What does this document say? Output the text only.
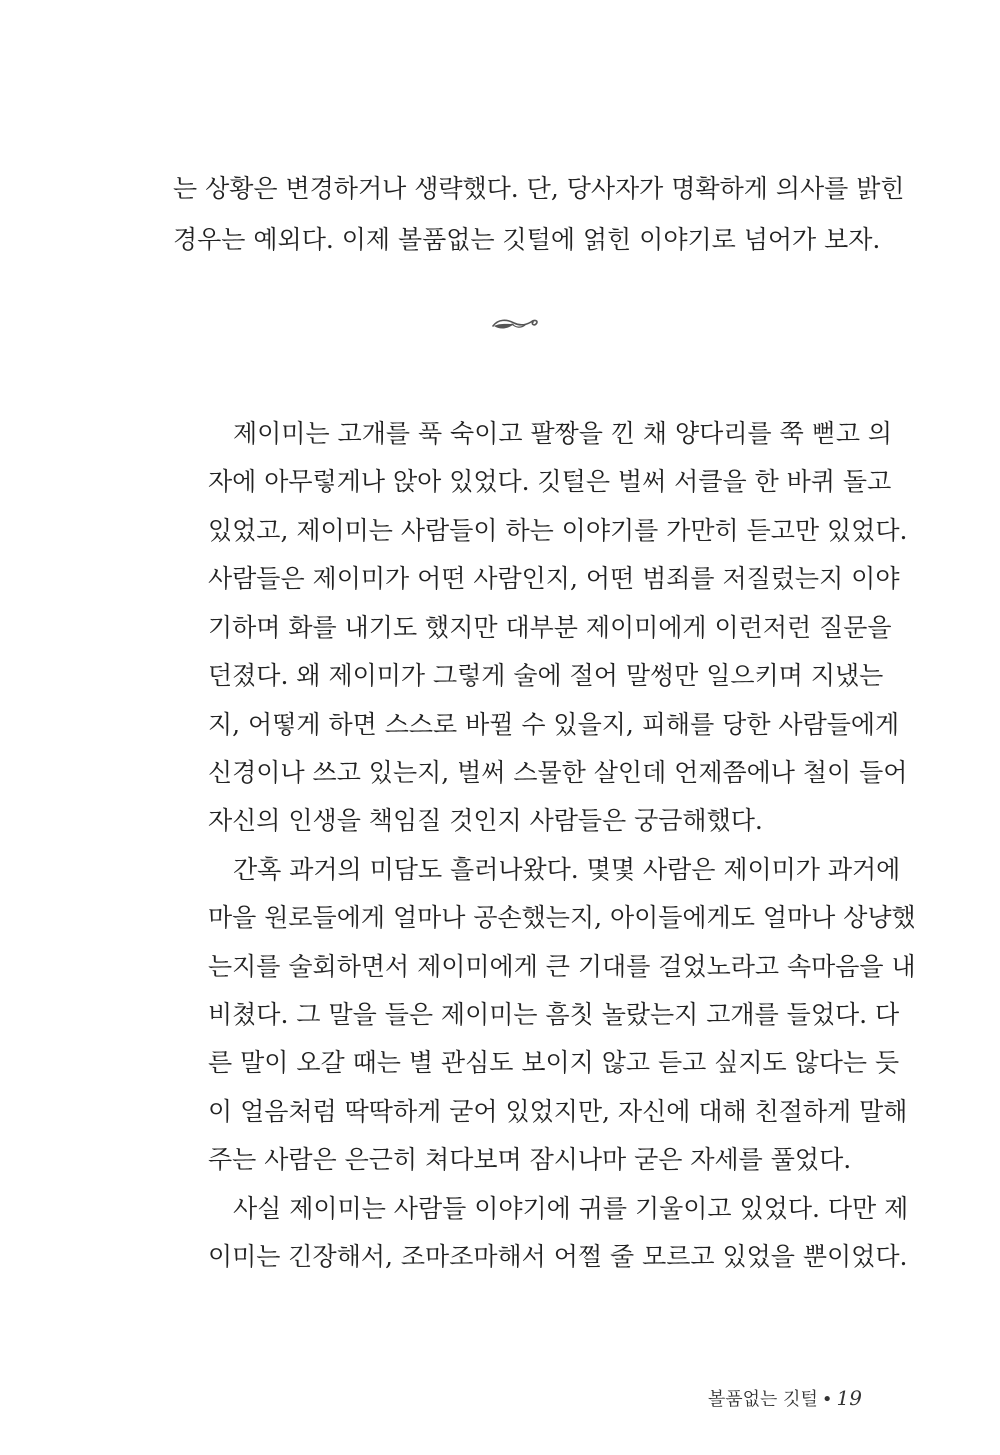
는 상황은 변경하거나 생략했다. 단, 당사자가 명확하게 의사를 밝힌
경우는 예외다. 이제 볼품없는 깃털에 얽힌 이야기로 넘어가 보자.
제이미는 고개를 푹 숙이고 팔짱을 낀 채 양다리를 쭉 뻗고 의
자에 아무렇게나 앉아 있었다. 깃털은 벌써 서클을 한 바퀴 돌고
있었고, 제이미는 사람들이 하는 이야기를 가만히 듣고만 있었다.
사람들은 제이미가 어떤 사람인지, 어떤 범죄를 저질렀는지 이야
기하며 화를 내기도 했지만 대부분 제이미에게 이런저런 질문을
던졌다. 왜 제이미가 그렇게 술에 절어 말썽만 일으키며 지냈는
지, 어떻게 하면 스스로 바뀔 수 있을지, 피해를 당한 사람들에게
신경이나 쓰고 있는지, 벌써 스물한 살인데 언제쯤에나 철이 들어
자신의 인생을 책임질 것인지 사람들은 궁금해했다.
간혹 과거의 미담도 흘러나왔다. 몇몇 사람은 제이미가 과거에
마을 원로들에게 얼마나 공손했는지, 아이들에게도 얼마나 상냥했
는지를 술회하면서 제이미에게 큰 기대를 걸었노라고 속마음을 내
비쳤다. 그 말을 들은 제이미는 흠칫 놀랐는지 고개를 들었다. 다
른 말이 오갈 때는 별 관심도 보이지 않고 듣고 싶지도 않다는 듯
이 얼음처럼 딱딱하게 굳어 있었지만, 자신에 대해 친절하게 말해
주는 사람은 은근히 쳐다보며 잠시나마 굳은 자세를 풀었다.
사실 제이미는 사람들 이야기에 귀를 기울이고 있었다. 다만 제
이미는 긴장해서, 조마조마해서 어쩔 줄 모르고 있었을 뿐이었다.
볼품없는 깃털 • 19
